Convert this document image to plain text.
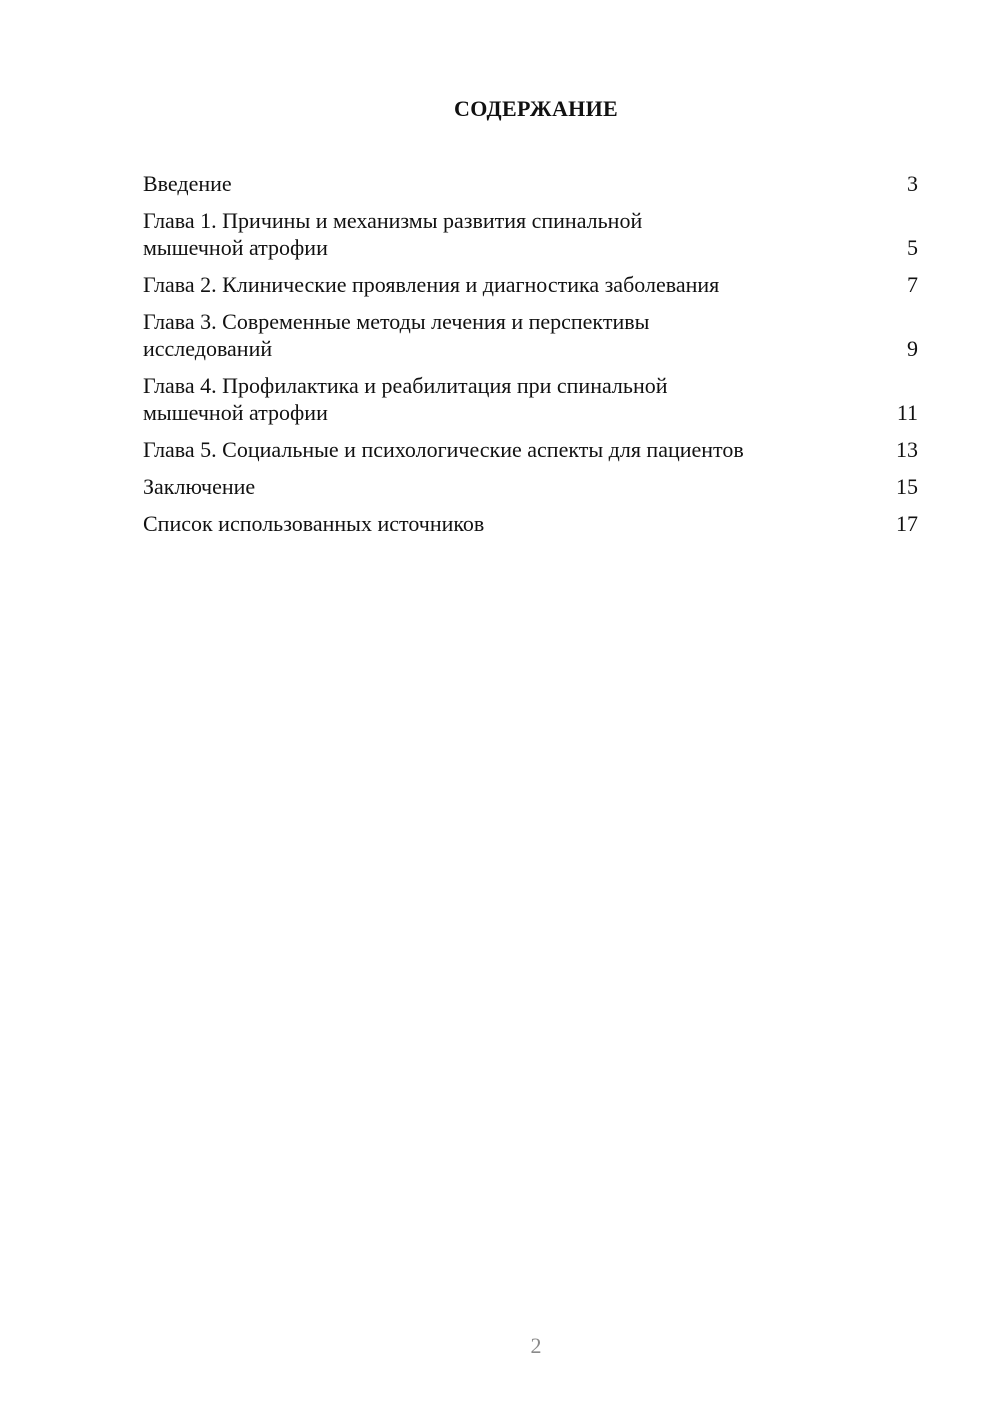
СОДЕРЖАНИЕ
Введение	3
Глава 1. Причины и механизмы развития спинальной мышечной атрофии	5
Глава 2. Клинические проявления и диагностика заболевания	7
Глава 3. Современные методы лечения и перспективы исследований	9
Глава 4. Профилактика и реабилитация при спинальной мышечной атрофии	11
Глава 5. Социальные и психологические аспекты для пациентов	13
Заключение	15
Список использованных источников	17
2
